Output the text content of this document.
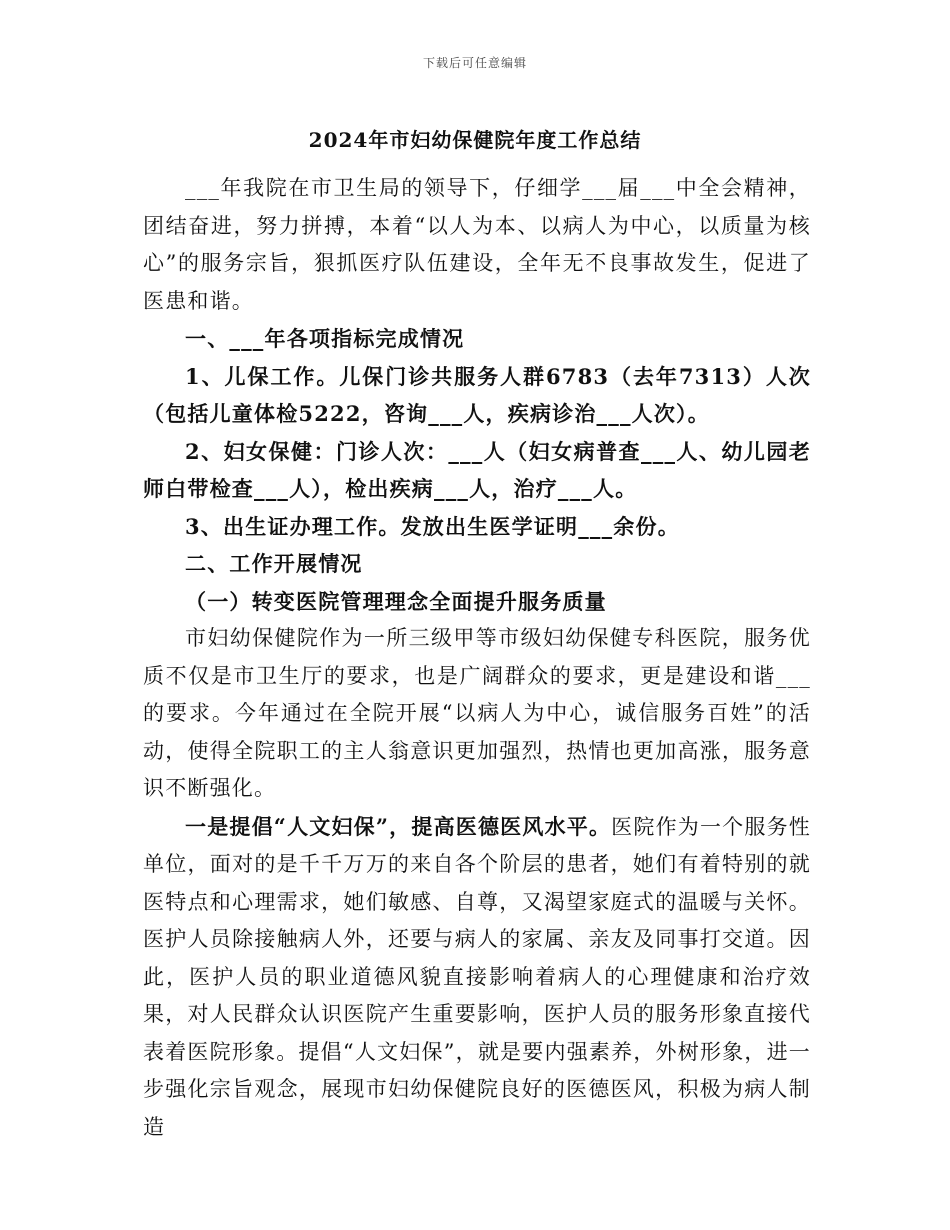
下载后可任意编辑
2024年市妇幼保健院年度工作总结

___年我院在市卫生局的领导下，仔细学___届___中全会精神，团结奋进，努力拼搏，本着“以人为本、以病人为中心，以质量为核心”的服务宗旨，狠抓医疗队伍建设，全年无不良事故发生，促进了医患和谐。

一、___年各项指标完成情况

1、儿保工作。儿保门诊共服务人群6783（去年7313）人次（包括儿童体检5222，咨询___人，疾病诊治___人次）。

2、妇女保健：门诊人次：___人（妇女病普查___人、幼儿园老师白带检查___人），检出疾病___人，治疗___人。

3、出生证办理工作。发放出生医学证明___余份。

二、工作开展情况

（一）转变医院管理理念全面提升服务质量

市妇幼保健院作为一所三级甲等市级妇幼保健专科医院，服务优质不仅是市卫生厅的要求，也是广阔群众的要求，更是建设和谐___的要求。今年通过在全院开展“以病人为中心，诚信服务百姓”的活动，使得全院职工的主人翁意识更加强烈，热情也更加高涨，服务意识不断强化。

一是提倡“人文妇保”，提高医德医风水平。医院作为一个服务性单位，面对的是千千万万的来自各个阶层的患者，她们有着特别的就医特点和心理需求，她们敏感、自尊，又渴望家庭式的温暖与关怀。医护人员除接触病人外，还要与病人的家属、亲友及同事打交道。因此，医护人员的职业道德风貌直接影响着病人的心理健康和治疗效果，对人民群众认识医院产生重要影响，医护人员的服务形象直接代表着医院形象。提倡“人文妇保”，就是要内强素养，外树形象，进一步强化宗旨观念，展现市妇幼保健院良好的医德医风，积极为病人制造
